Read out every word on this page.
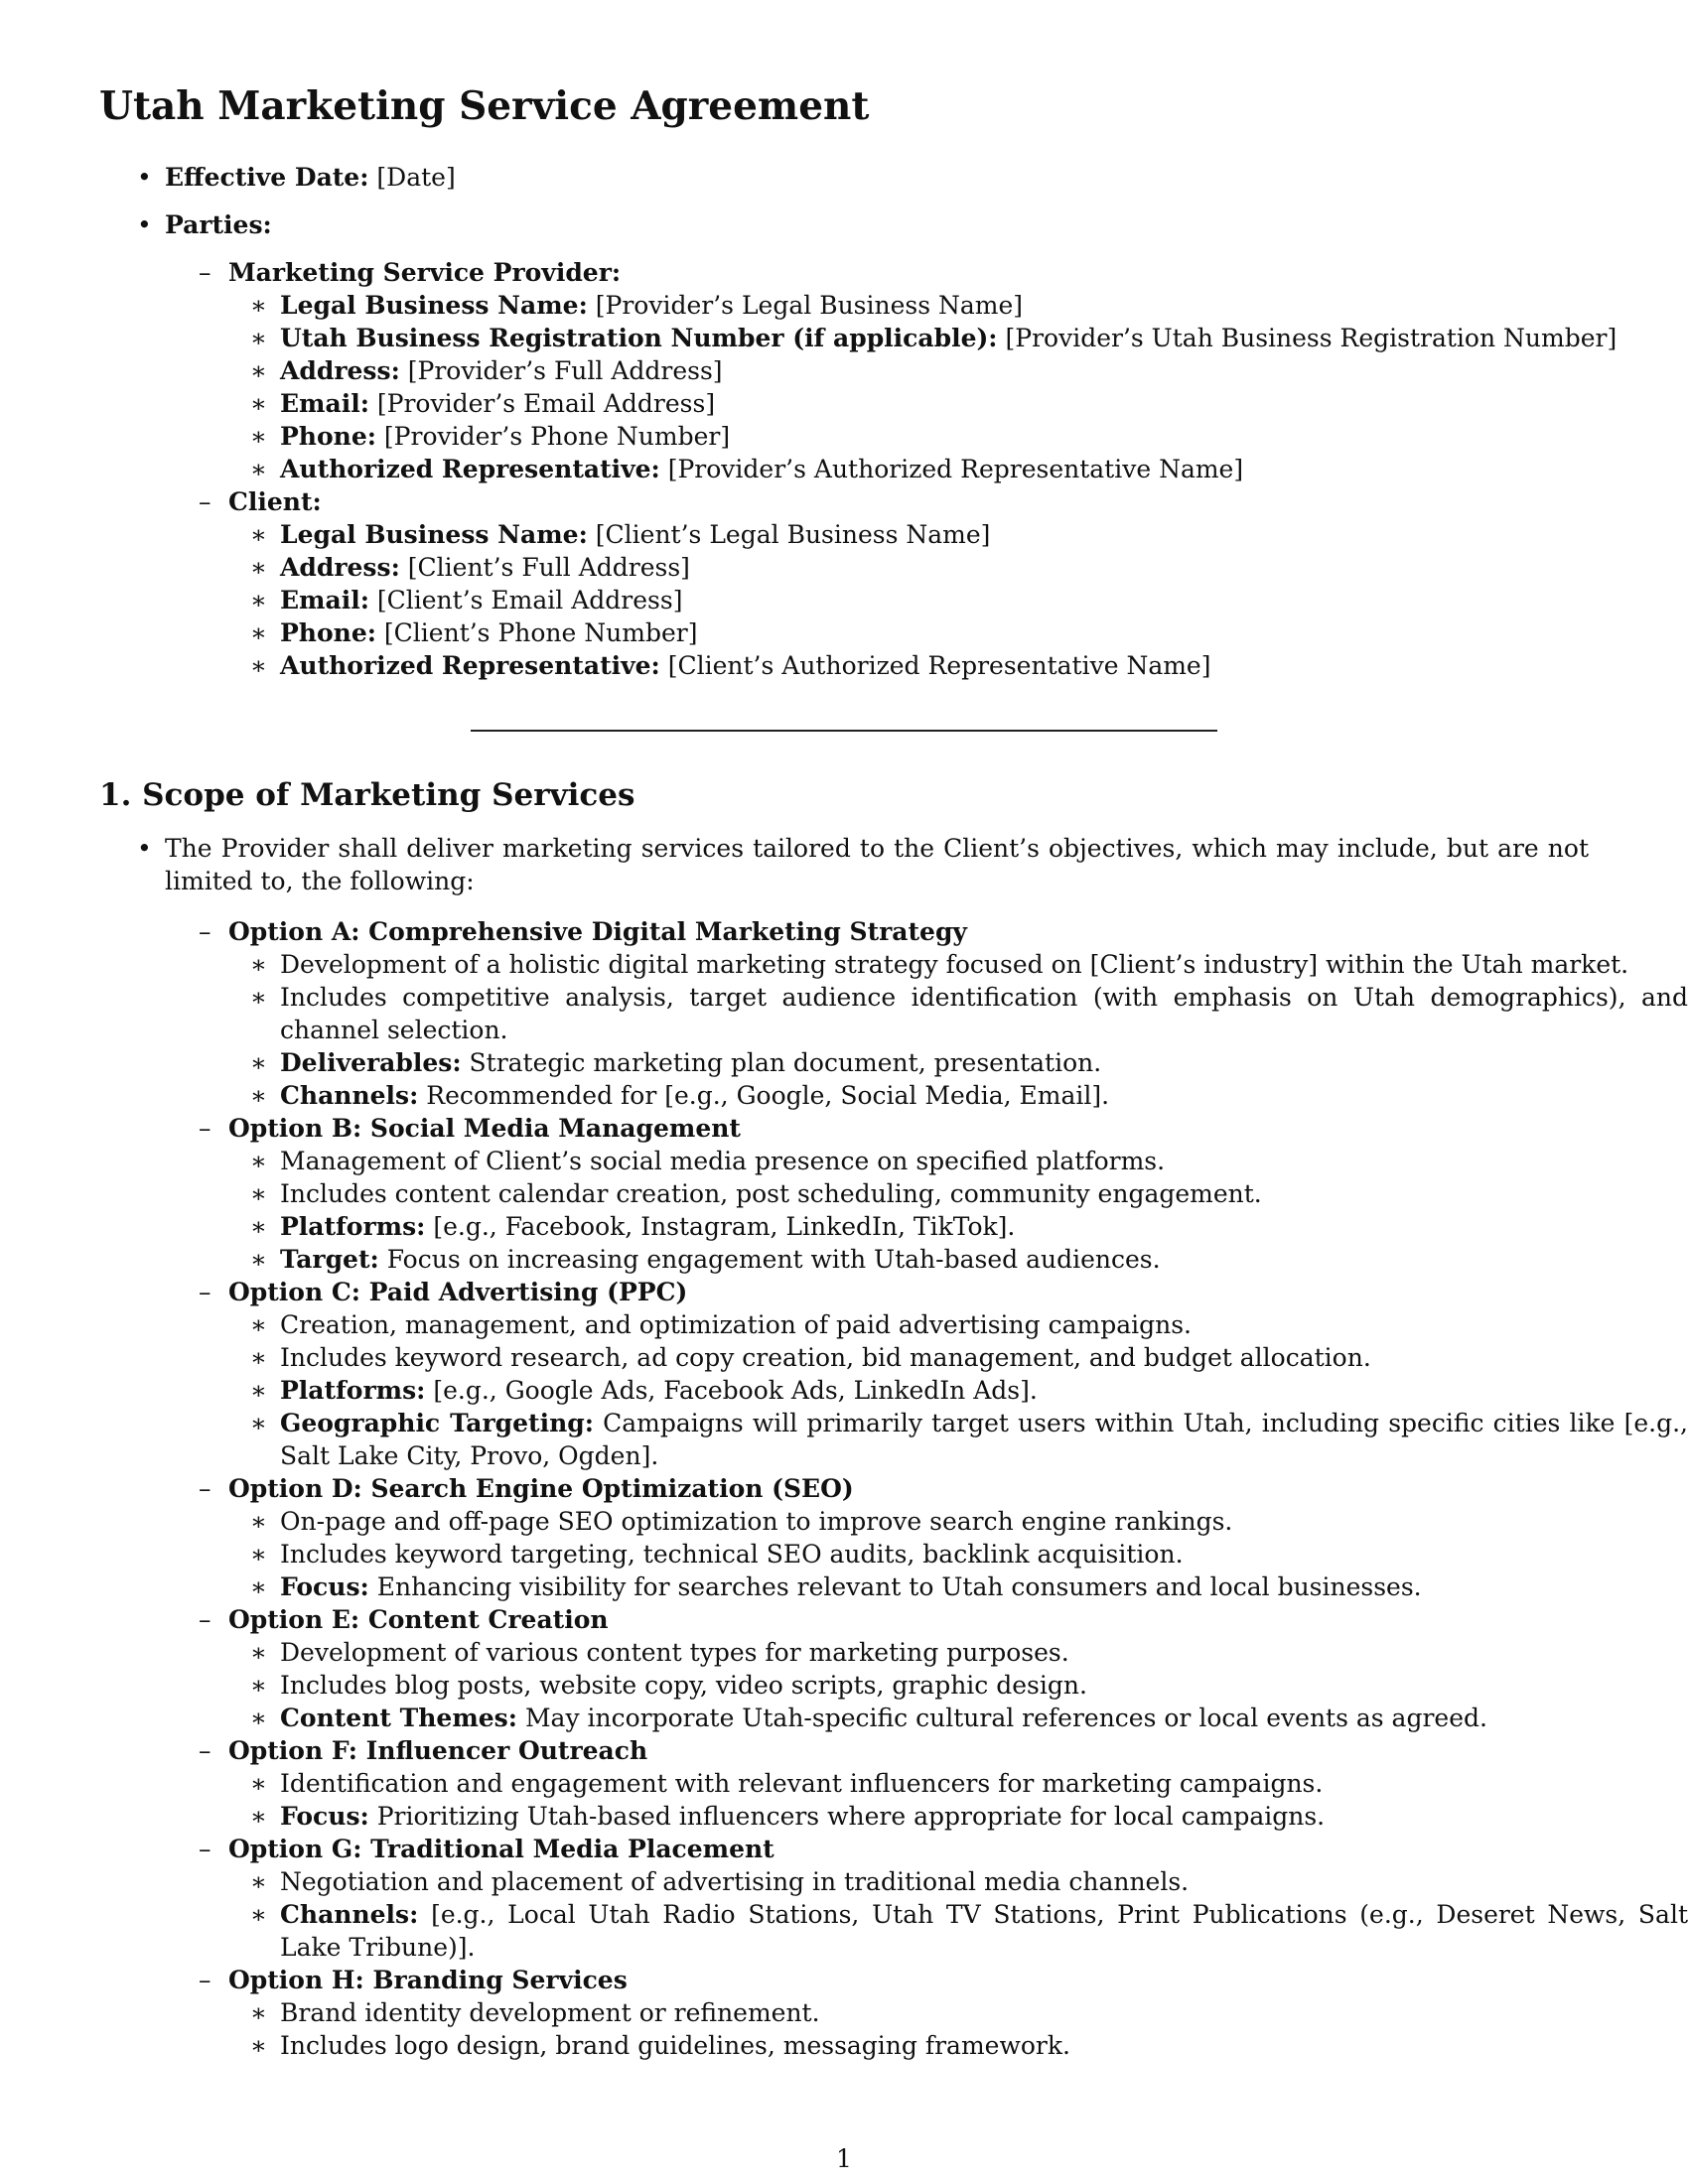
Utah Marketing Service Agreement
• Effective Date: [Date]
• Parties:
– Marketing Service Provider:
∗ Legal Business Name: [Provider’s Legal Business Name]
∗ Utah Business Registration Number (if applicable): [Provider’s Utah Business Registration Number]
∗ Address: [Provider’s Full Address]
∗ Email: [Provider’s Email Address]
∗ Phone: [Provider’s Phone Number]
∗ Authorized Representative: [Provider’s Authorized Representative Name]
– Client:
∗ Legal Business Name: [Client’s Legal Business Name]
∗ Address: [Client’s Full Address]
∗ Email: [Client’s Email Address]
∗ Phone: [Client’s Phone Number]
∗ Authorized Representative: [Client’s Authorized Representative Name]
1. Scope of Marketing Services
• The Provider shall deliver marketing services tailored to the Client’s objectives, which may include, but are not limited to, the following:
– Option A: Comprehensive Digital Marketing Strategy
∗ Development of a holistic digital marketing strategy focused on [Client’s industry] within the Utah market.
∗ Includes competitive analysis, target audience identification (with emphasis on Utah demographics), and channel selection.
∗ Deliverables: Strategic marketing plan document, presentation.
∗ Channels: Recommended for [e.g., Google, Social Media, Email].
– Option B: Social Media Management
∗ Management of Client’s social media presence on specified platforms.
∗ Includes content calendar creation, post scheduling, community engagement.
∗ Platforms: [e.g., Facebook, Instagram, LinkedIn, TikTok].
∗ Target: Focus on increasing engagement with Utah-based audiences.
– Option C: Paid Advertising (PPC)
∗ Creation, management, and optimization of paid advertising campaigns.
∗ Includes keyword research, ad copy creation, bid management, and budget allocation.
∗ Platforms: [e.g., Google Ads, Facebook Ads, LinkedIn Ads].
∗ Geographic Targeting: Campaigns will primarily target users within Utah, including specific cities like [e.g., Salt Lake City, Provo, Ogden].
– Option D: Search Engine Optimization (SEO)
∗ On-page and off-page SEO optimization to improve search engine rankings.
∗ Includes keyword targeting, technical SEO audits, backlink acquisition.
∗ Focus: Enhancing visibility for searches relevant to Utah consumers and local businesses.
– Option E: Content Creation
∗ Development of various content types for marketing purposes.
∗ Includes blog posts, website copy, video scripts, graphic design.
∗ Content Themes: May incorporate Utah-specific cultural references or local events as agreed.
– Option F: Influencer Outreach
∗ Identification and engagement with relevant influencers for marketing campaigns.
∗ Focus: Prioritizing Utah-based influencers where appropriate for local campaigns.
– Option G: Traditional Media Placement
∗ Negotiation and placement of advertising in traditional media channels.
∗ Channels: [e.g., Local Utah Radio Stations, Utah TV Stations, Print Publications (e.g., Deseret News, Salt Lake Tribune)].
– Option H: Branding Services
∗ Brand identity development or refinement.
∗ Includes logo design, brand guidelines, messaging framework.
1
